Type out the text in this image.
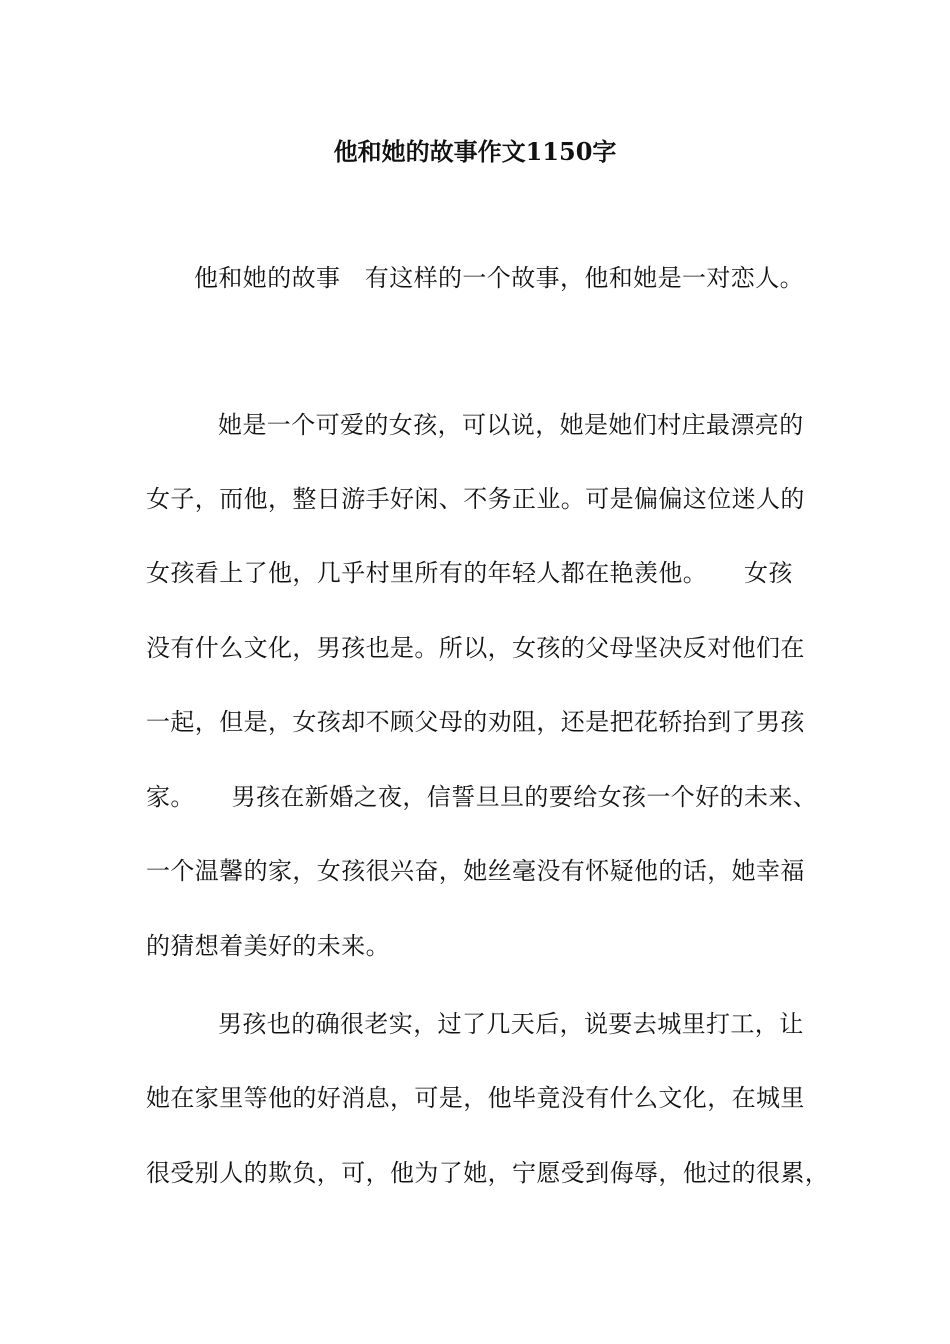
他和她的故事作文1150字
他和她的故事　有这样的一个故事，他和她是一对恋人。
她是一个可爱的女孩，可以说，她是她们村庄最漂亮的
女子，而他，整日游手好闲、不务正业。可是偏偏这位迷人的
女孩看上了他，几乎村里所有的年轻人都在艳羡他。　　女孩
没有什么文化，男孩也是。所以，女孩的父母坚决反对他们在
一起，但是，女孩却不顾父母的劝阻，还是把花轿抬到了男孩
家。　　男孩在新婚之夜，信誓旦旦的要给女孩一个好的未来、
一个温馨的家，女孩很兴奋，她丝毫没有怀疑他的话，她幸福
的猜想着美好的未来。
男孩也的确很老实，过了几天后，说要去城里打工，让
她在家里等他的好消息，可是，他毕竟没有什么文化，在城里
很受别人的欺负，可，他为了她，宁愿受到侮辱，他过的很累，
